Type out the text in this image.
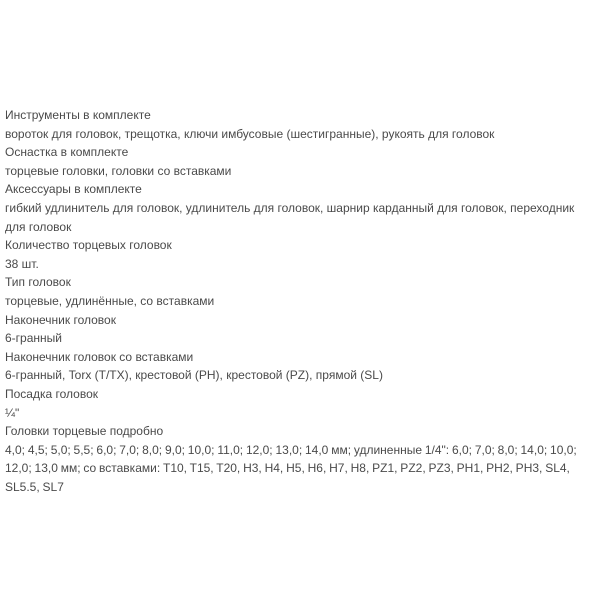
Инструменты в комплекте
вороток для головок, трещотка, ключи имбусовые (шестигранные), рукоять для головок
Оснастка в комплекте
торцевые головки, головки со вставками
Аксессуары в комплекте
гибкий удлинитель для головок, удлинитель для головок, шарнир карданный для головок, переходник для головок
Количество торцевых головок
38 шт.
Тип головок
торцевые, удлинённые, со вставками
Наконечник головок
6-гранный
Наконечник головок со вставками
6-гранный, Torx (T/TX), крестовой (PH), крестовой (PZ), прямой (SL)
Посадка головок
¼"
Головки торцевые подробно
4,0; 4,5; 5,0; 5,5; 6,0; 7,0; 8,0; 9,0; 10,0; 11,0; 12,0; 13,0; 14,0 мм; удлиненные 1/4": 6,0; 7,0; 8,0; 14,0; 10,0; 12,0; 13,0 мм; со вставками: T10, T15, T20, H3, H4, H5, H6, H7, H8, PZ1, PZ2, PZ3, PH1, PH2, PH3, SL4, SL5.5, SL7
